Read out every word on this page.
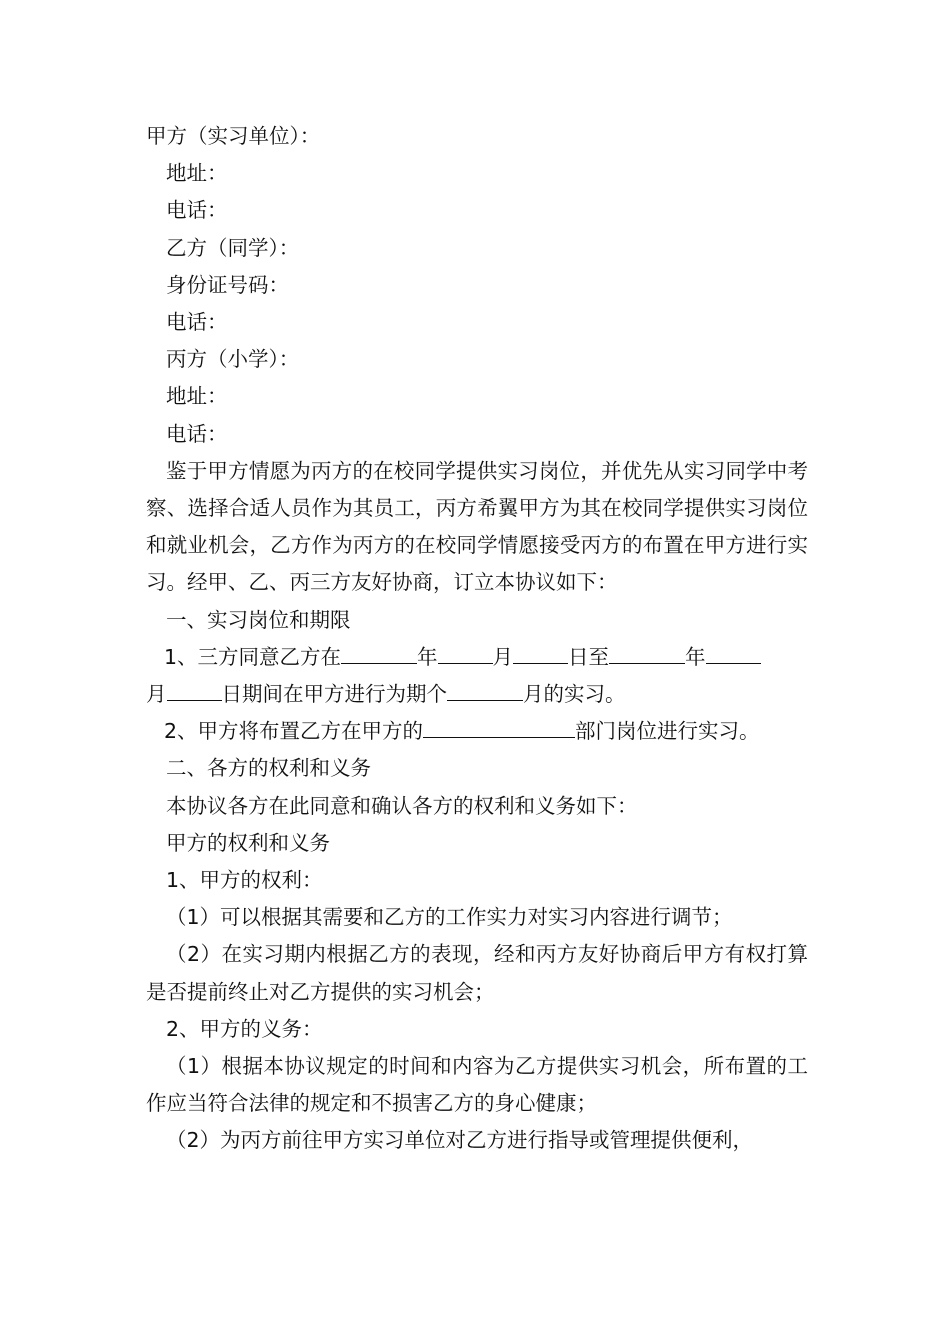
甲方（实习单位）：

地址：

电话：

乙方（同学）：

身份证号码：

电话：

丙方（小学）：

地址：

电话：

鉴于甲方情愿为丙方的在校同学提供实习岗位，并优先从实习同学中考察、选择合适人员作为其员工，丙方希翼甲方为其在校同学提供实习岗位和就业机会，乙方作为丙方的在校同学情愿接受丙方的布置在甲方进行实习。经甲、乙、丙三方友好协商，订立本协议如下：

一、实习岗位和期限

1、三方同意乙方在	年	月	日至	年

月	日期间在甲方进行为期个	月的实习。

2、甲方将布置乙方在甲方的	部门岗位进行实习。

二、各方的权利和义务

本协议各方在此同意和确认各方的权利和义务如下：

甲方的权利和义务

1、甲方的权利：

（1）可以根据其需要和乙方的工作实力对实习内容进行调节；

（2）在实习期内根据乙方的表现，经和丙方友好协商后甲方有权打算是否提前终止对乙方提供的实习机会；

2、甲方的义务：

（1）根据本协议规定的时间和内容为乙方提供实习机会，所布置的工作应当符合法律的规定和不损害乙方的身心健康；

（2）为丙方前往甲方实习单位对乙方进行指导或管理提供便利，
